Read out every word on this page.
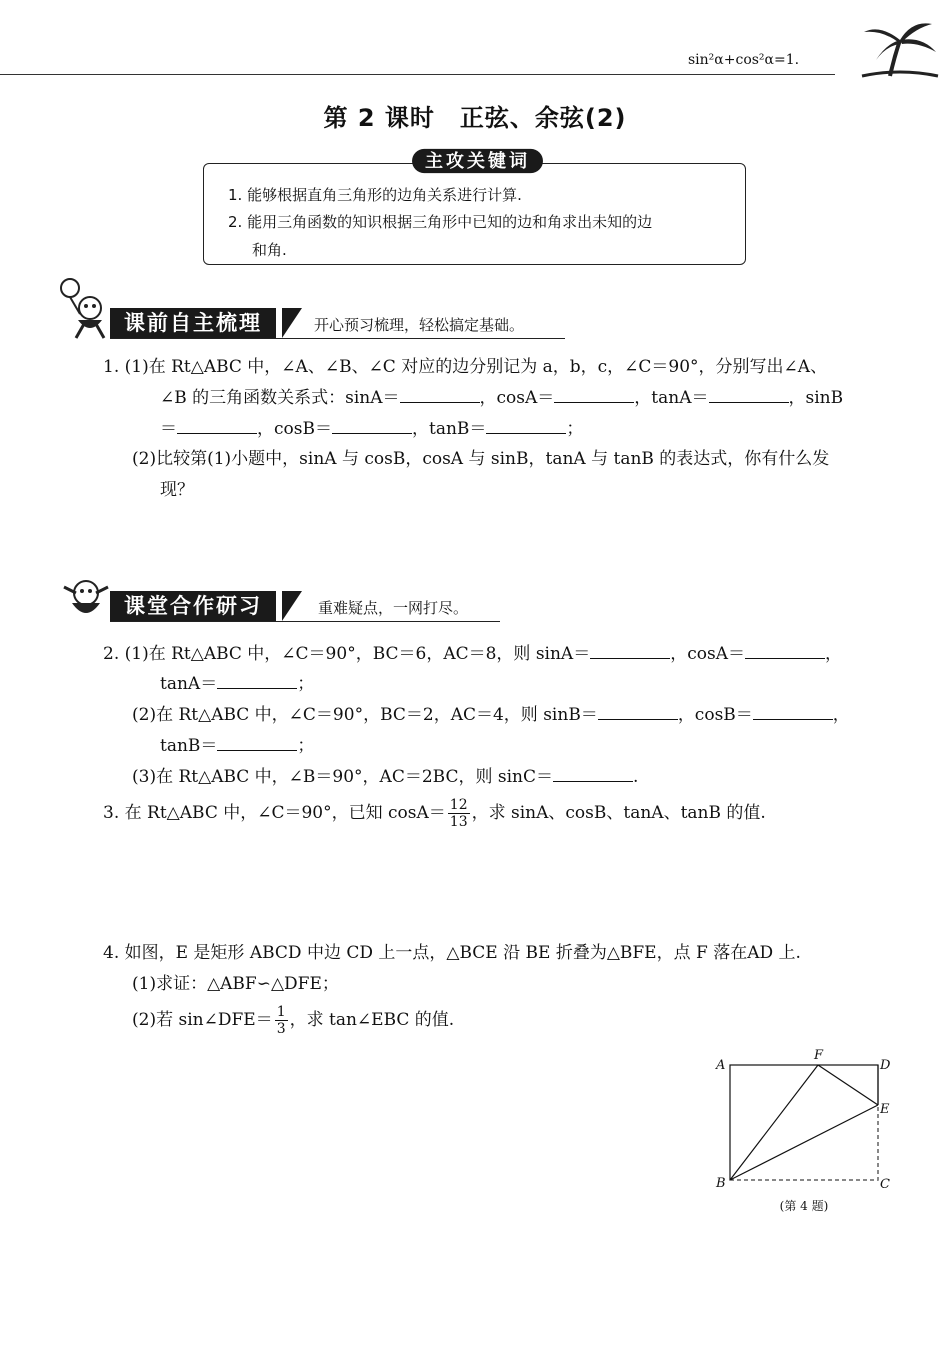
sin²α+cos²α=1.
第 2 课时　正弦、余弦(2)
主攻关键词
1. 能够根据直角三角形的边角关系进行计算.
2. 能用三角函数的知识根据三角形中已知的边和角求出未知的边
和角.
课前自主梳理	开心预习梳理，轻松搞定基础。
1. (1)在 Rt△ABC 中，∠A、∠B、∠C 对应的边分别记为 a，b，c，∠C＝90°，分别写出∠A、
∠B 的三角函数关系式：sinA＝	，cosA＝	，tanA＝	，sinB
＝	，cosB＝	，tanB＝	；
(2)比较第(1)小题中，sinA 与 cosB，cosA 与 sinB，tanA 与 tanB 的表达式，你有什么发
现？
课堂合作研习	重难疑点，一网打尽。
2. (1)在 Rt△ABC 中，∠C＝90°，BC＝6，AC＝8，则 sinA＝	，cosA＝	，
tanA＝	；
(2)在 Rt△ABC 中，∠C＝90°，BC＝2，AC＝4，则 sinB＝	，cosB＝	，
tanB＝	；
(3)在 Rt△ABC 中，∠B＝90°，AC＝2BC，则 sinC＝	.
3. 在 Rt△ABC 中，∠C＝90°，已知 $\cos A= \frac{12}{13}$ ，求 sinA、cosB、tanA、tanB 的值.
4. 如图，E 是矩形 ABCD 中边 CD 上一点，△BCE 沿 BE 折叠为△BFE，点 F 落在AD 上.
(1)求证：△ABF∽△DFE；
(2)若 sin∠DFE＝ $\frac{1}{3}$ ，求 tan∠EBC 的值.
A
B	C
D
E
F
(第 4 题)
